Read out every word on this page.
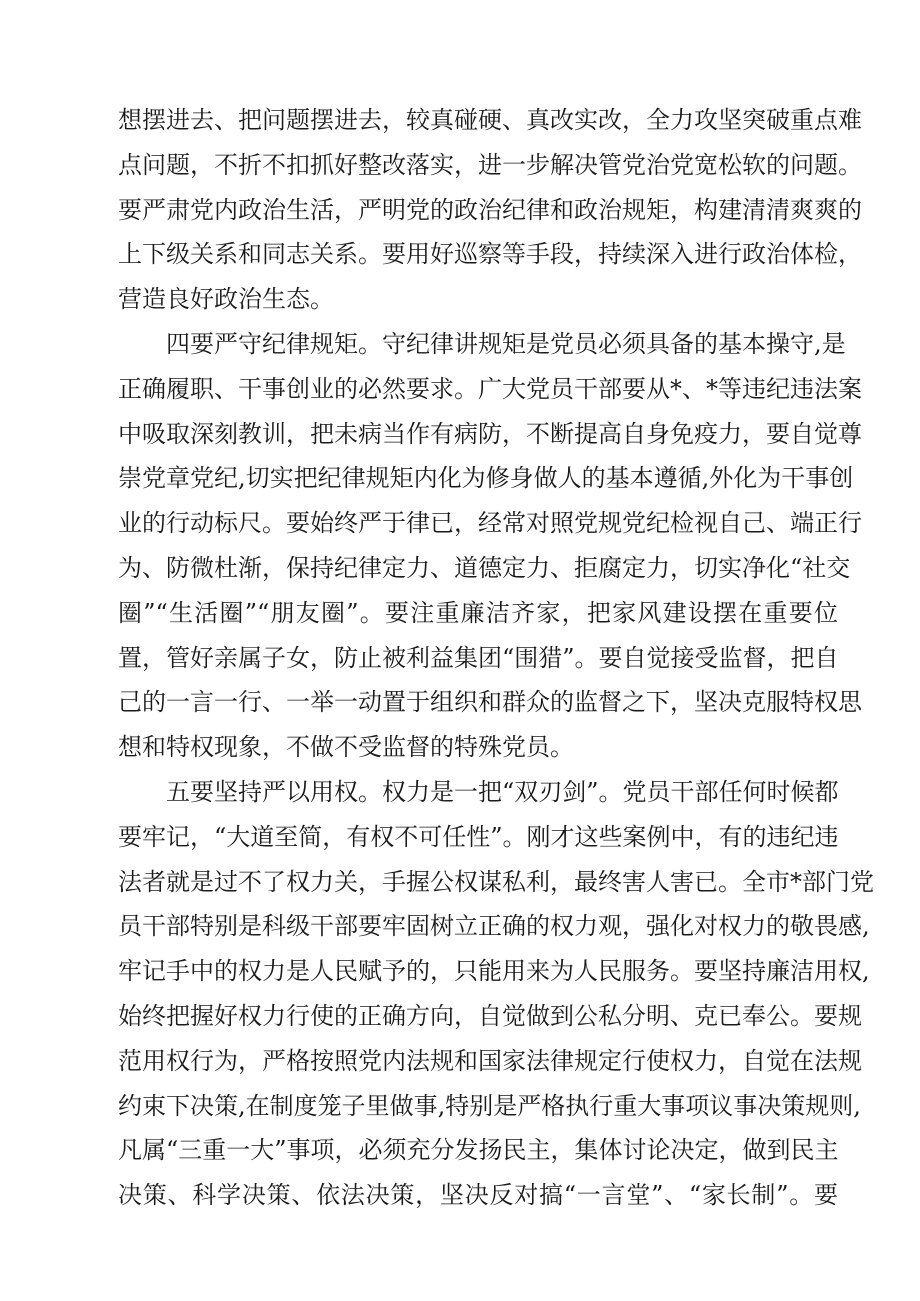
想摆进去、把问题摆进去，较真碰硬、真改实改，全力攻坚突破重点难
点问题，不折不扣抓好整改落实，进一步解决管党治党宽松软的问题。
要严肃党内政治生活，严明党的政治纪律和政治规矩，构建清清爽爽的
上下级关系和同志关系。要用好巡察等手段，持续深入进行政治体检，
营造良好政治生态。
四要严守纪律规矩。守纪律讲规矩是党员必须具备的基本操守,是
正确履职、干事创业的必然要求。广大党员干部要从*、*等违纪违法案
中吸取深刻教训，把未病当作有病防，不断提高自身免疫力，要自觉尊
崇党章党纪,切实把纪律规矩内化为修身做人的基本遵循,外化为干事创
业的行动标尺。要始终严于律已，经常对照党规党纪检视自己、端正行
为、防微杜渐，保持纪律定力、道德定力、拒腐定力，切实净化“社交
圈”“生活圈”“朋友圈”。要注重廉洁齐家，把家风建设摆在重要位
置，管好亲属子女，防止被利益集团“围猎”。要自觉接受监督，把自
己的一言一行、一举一动置于组织和群众的监督之下，坚决克服特权思
想和特权现象，不做不受监督的特殊党员。
五要坚持严以用权。权力是一把“双刃剑”。党员干部任何时候都
要牢记，“大道至简，有权不可任性”。刚才这些案例中，有的违纪违
法者就是过不了权力关，手握公权谋私利，最终害人害已。全市*部门党
员干部特别是科级干部要牢固树立正确的权力观，强化对权力的敬畏感,
牢记手中的权力是人民赋予的，只能用来为人民服务。要坚持廉洁用权,
始终把握好权力行使的正确方向，自觉做到公私分明、克已奉公。要规
范用权行为，严格按照党内法规和国家法律规定行使权力，自觉在法规
约束下决策,在制度笼子里做事,特别是严格执行重大事项议事决策规则,
凡属“三重一大”事项，必须充分发扬民主，集体讨论决定，做到民主
决策、科学决策、依法决策，坚决反对搞“一言堂”、“家长制”。要
